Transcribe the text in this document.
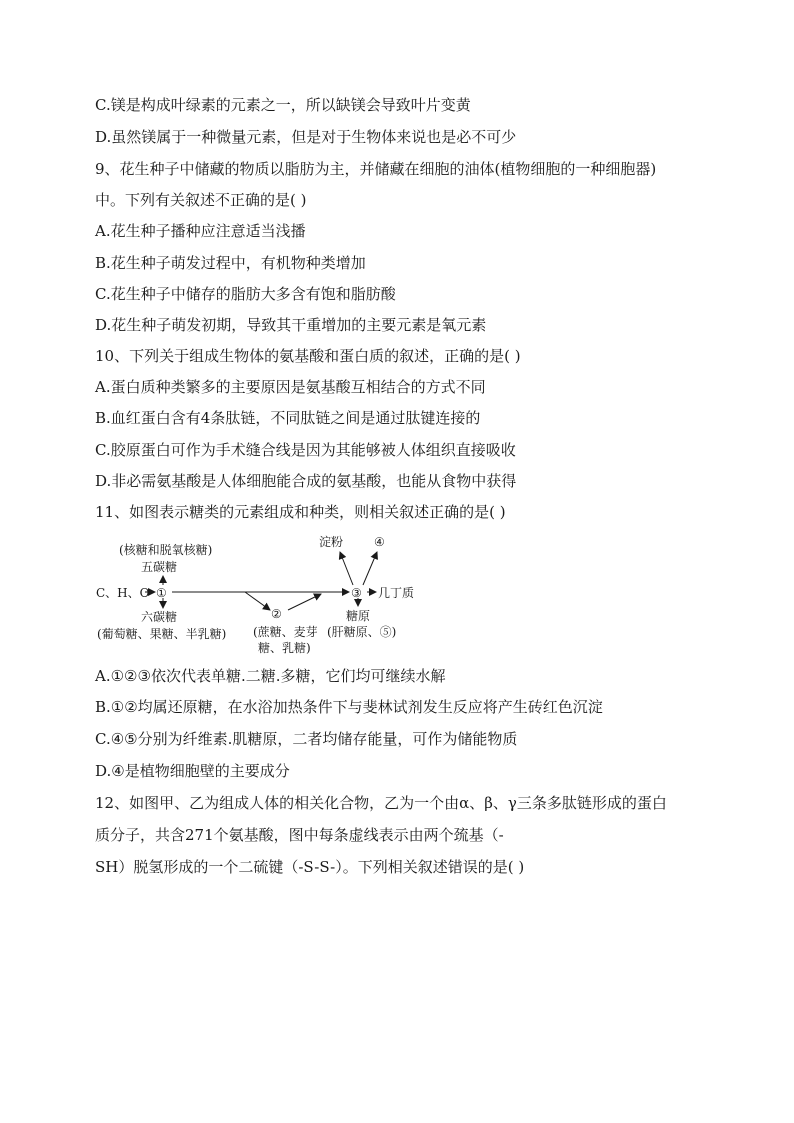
C.镁是构成叶绿素的元素之一，所以缺镁会导致叶片变黄
D.虽然镁属于一种微量元素，但是对于生物体来说也是必不可少
9、花生种子中储藏的物质以脂肪为主，并储藏在细胞的油体(植物细胞的一种细胞器)
中。下列有关叙述不正确的是( )
A.花生种子播种应注意适当浅播
B.花生种子萌发过程中，有机物种类增加
C.花生种子中储存的脂肪大多含有饱和脂肪酸
D.花生种子萌发初期，导致其干重增加的主要元素是氧元素
10、下列关于组成生物体的氨基酸和蛋白质的叙述，正确的是( )
A.蛋白质种类繁多的主要原因是氨基酸互相结合的方式不同
B.血红蛋白含有4条肽链，不同肽链之间是通过肽键连接的
C.胶原蛋白可作为手术缝合线是因为其能够被人体组织直接吸收
D.非必需氨基酸是人体细胞能合成的氨基酸，也能从食物中获得
11、如图表示糖类的元素组成和种类，则相关叙述正确的是( )
(核糖和脱氧核糖)
五碳糖
C、H、O ①
六碳糖
(葡萄糖、果糖、半乳糖)
②
(蔗糖、麦芽
糖、乳糖)
淀粉	④
③ 几丁质
糖原
(肝糖原、⑤)
A.①②③依次代表单糖.二糖.多糖，它们均可继续水解
B.①②均属还原糖，在水浴加热条件下与斐林试剂发生反应将产生砖红色沉淀
C.④⑤分别为纤维素.肌糖原，二者均储存能量，可作为储能物质
D.④是植物细胞壁的主要成分
12、如图甲、乙为组成人体的相关化合物，乙为一个由α、β、γ三条多肽链形成的蛋白
质分子，共含271个氨基酸，图中每条虚线表示由两个巯基（-
SH）脱氢形成的一个二硫键（-S-S-）。下列相关叙述错误的是( )
